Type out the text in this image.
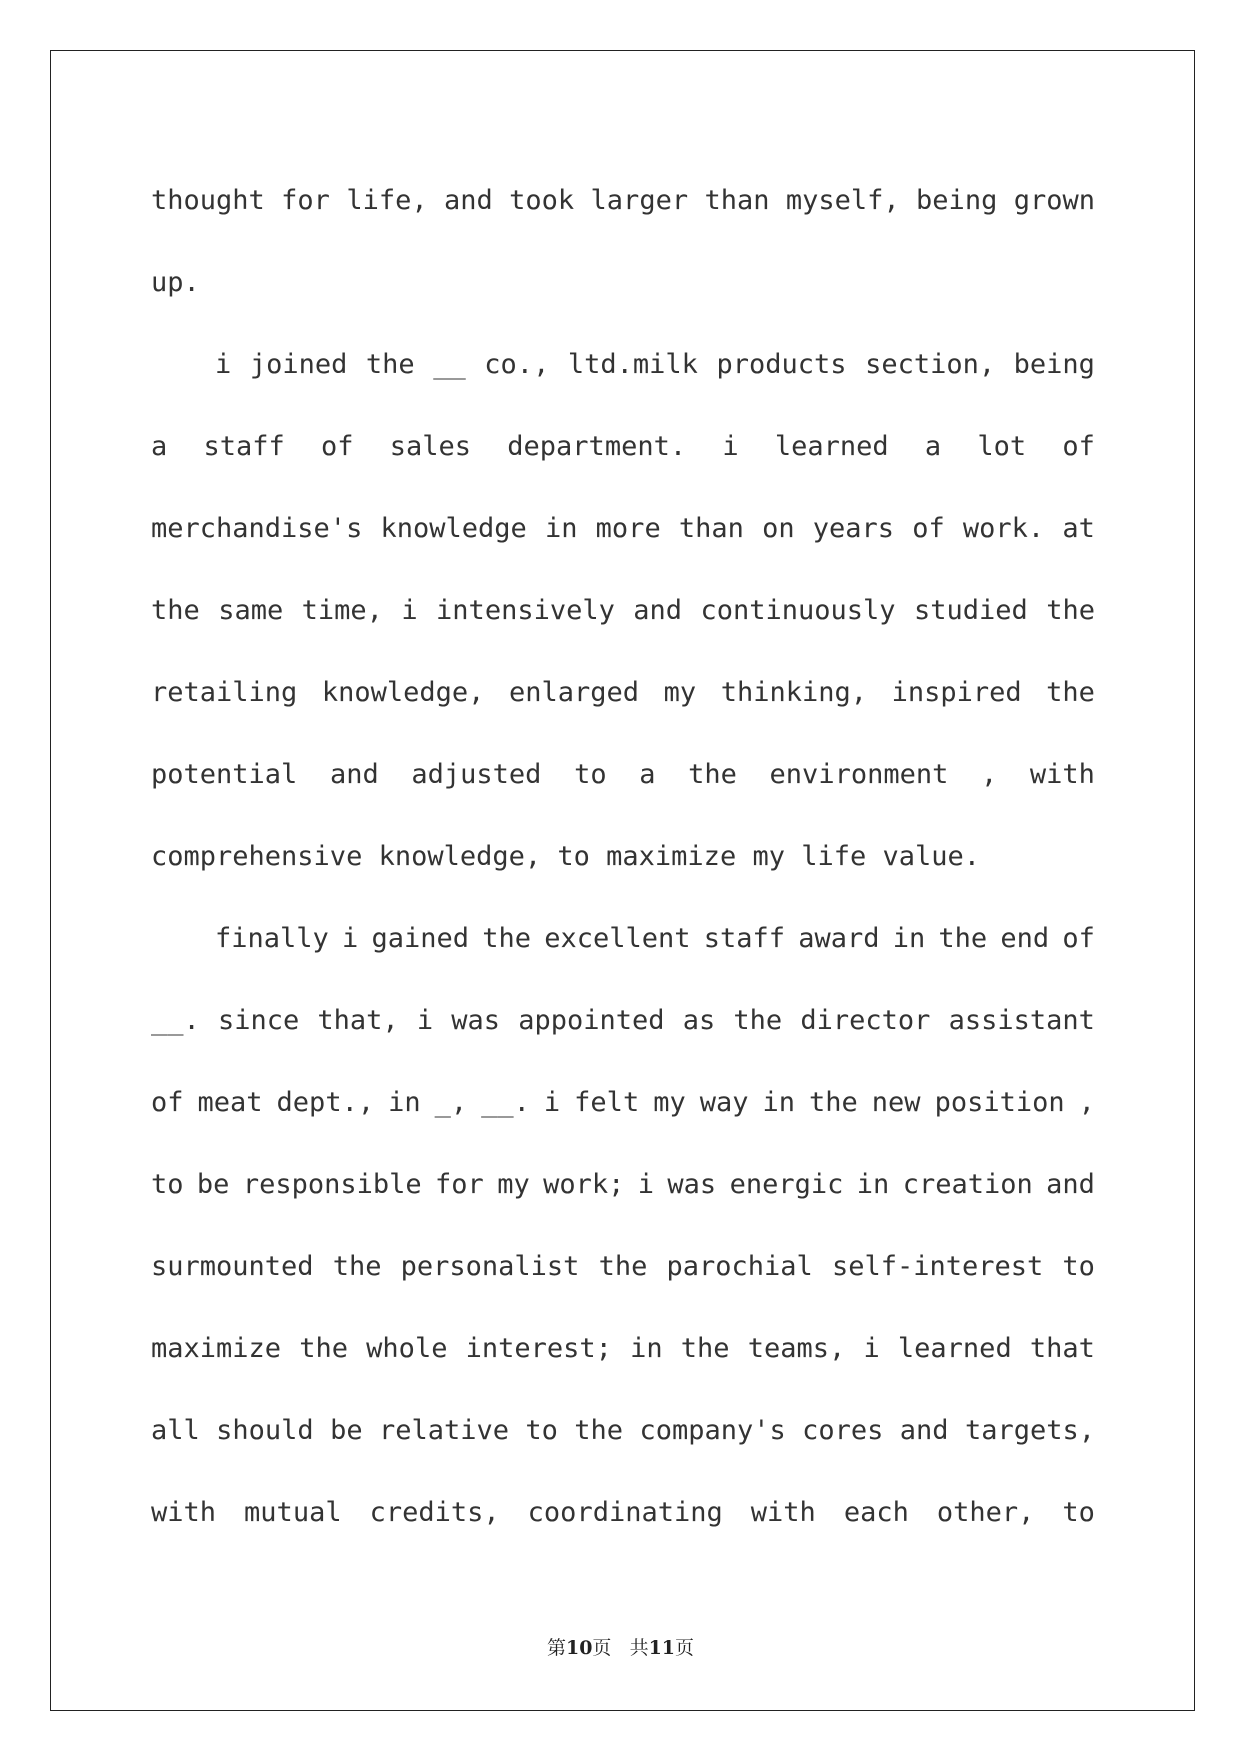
thought for life, and took larger than myself, being grown
up.
i joined the __ co., ltd.milk products section, being
a staff of sales department. i learned a lot of
merchandise's knowledge in more than on years of work. at
the same time, i intensively and continuously studied the
retailing knowledge, enlarged my thinking, inspired the
potential and adjusted to a the environment , with
comprehensive knowledge, to maximize my life value.
finally i gained the excellent staff award in the end of
__. since that, i was appointed as the director assistant
of meat dept., in _, __. i felt my way in the new position ,
to be responsible for my work; i was energic in creation and
surmounted the personalist the parochial self-interest to
maximize the whole interest; in the teams, i learned that
all should be relative to the company's cores and targets,
with mutual credits, coordinating with each other, to
第10页 共11页
